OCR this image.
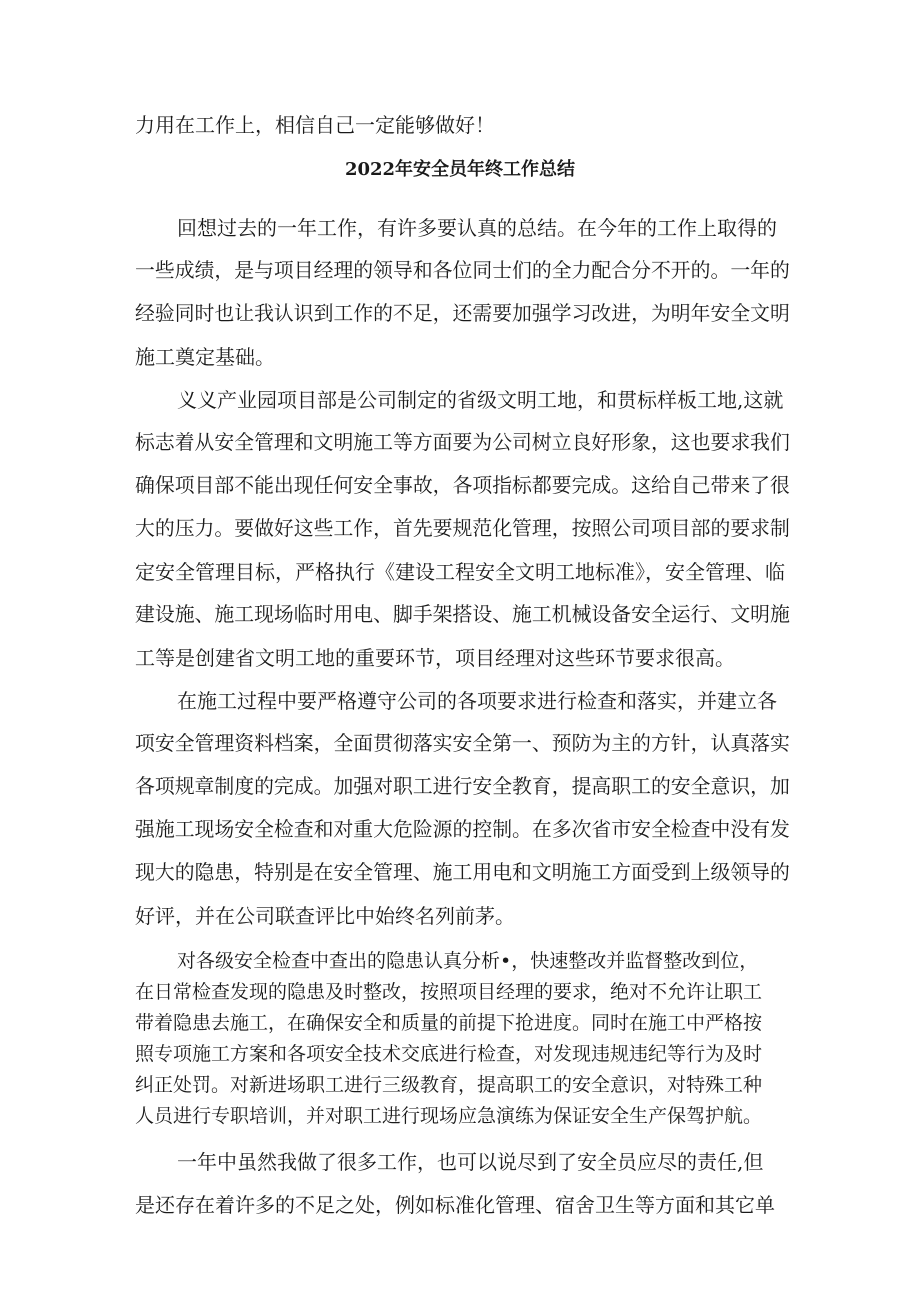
力用在工作上，相信自己一定能够做好！
2022年安全员年终工作总结
回想过去的一年工作，有许多要认真的总结。在今年的工作上取得的
一些成绩，是与项目经理的领导和各位同士们的全力配合分不开的。一年的
经验同时也让我认识到工作的不足，还需要加强学习改进，为明年安全文明
施工奠定基础。
义义产业园项目部是公司制定的省级文明工地，和贯标样板工地,这就
标志着从安全管理和文明施工等方面要为公司树立良好形象，这也要求我们
确保项目部不能出现任何安全事故，各项指标都要完成。这给自己带来了很
大的压力。要做好这些工作，首先要规范化管理，按照公司项目部的要求制
定安全管理目标，严格执行《建设工程安全文明工地标准》，安全管理、临
建设施、施工现场临时用电、脚手架搭设、施工机械设备安全运行、文明施
工等是创建省文明工地的重要环节，项目经理对这些环节要求很高。
在施工过程中要严格遵守公司的各项要求进行检查和落实，并建立各
项安全管理资料档案，全面贯彻落实安全第一、预防为主的方针，认真落实
各项规章制度的完成。加强对职工进行安全教育，提高职工的安全意识，加
强施工现场安全检查和对重大危险源的控制。在多次省市安全检查中没有发
现大的隐患，特别是在安全管理、施工用电和文明施工方面受到上级领导的
好评，并在公司联查评比中始终名列前茅。
对各级安全检查中查出的隐患认真分析•，快速整改并监督整改到位，
在日常检查发现的隐患及时整改，按照项目经理的要求，绝对不允许让职工
带着隐患去施工，在确保安全和质量的前提下抢进度。同时在施工中严格按
照专项施工方案和各项安全技术交底进行检查，对发现违规违纪等行为及时
纠正处罚。对新进场职工进行三级教育，提高职工的安全意识，对特殊工种
人员进行专职培训，并对职工进行现场应急演练为保证安全生产保驾护航。
一年中虽然我做了很多工作，也可以说尽到了安全员应尽的责任,但
是还存在着许多的不足之处，例如标准化管理、宿舍卫生等方面和其它单
